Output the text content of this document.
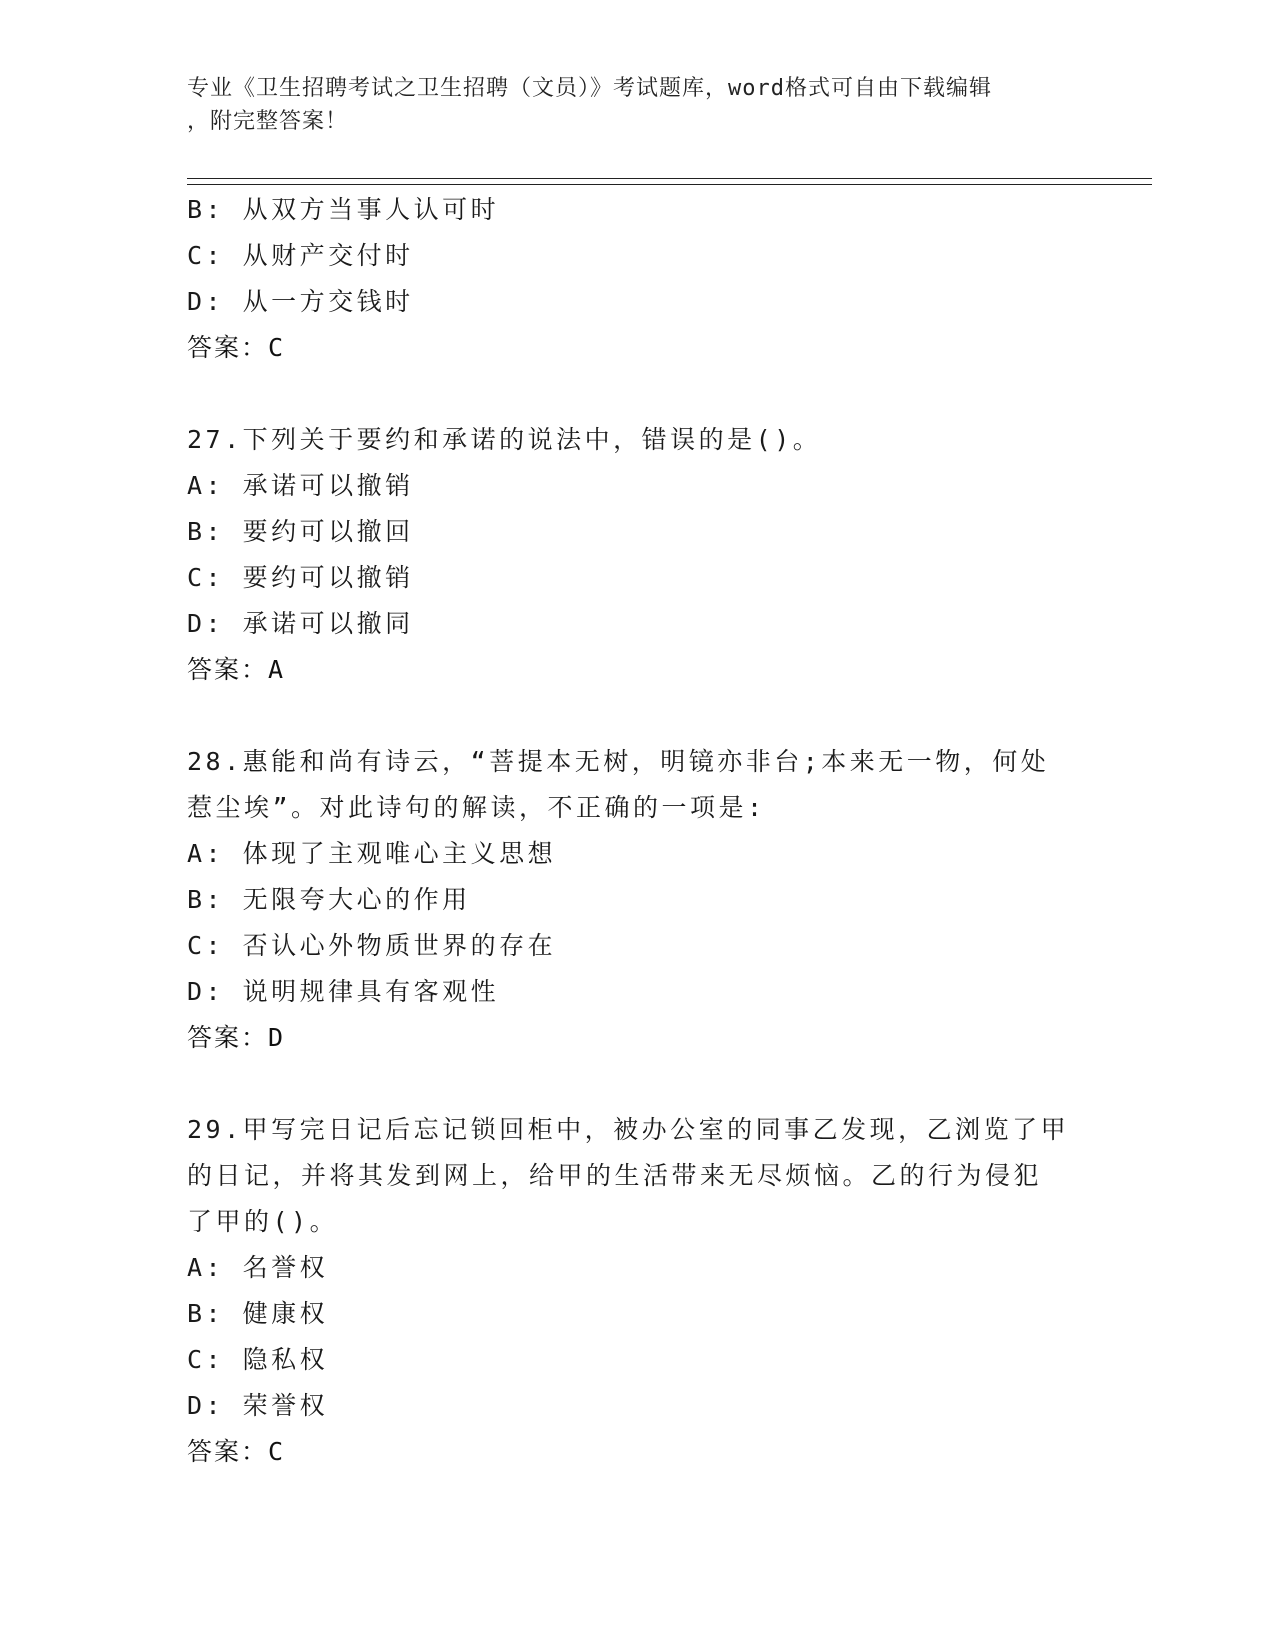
专业《卫生招聘考试之卫生招聘（文员）》考试题库，word格式可自由下载编辑
，附完整答案！
B: 从双方当事人认可时
C: 从财产交付时
D: 从一方交钱时
答案：C
27.下列关于要约和承诺的说法中，错误的是()。
A: 承诺可以撤销
B: 要约可以撤回
C: 要约可以撤销
D: 承诺可以撤同
答案：A
28.惠能和尚有诗云，“菩提本无树，明镜亦非台;本来无一物，何处
惹尘埃”。对此诗句的解读，不正确的一项是:
A: 体现了主观唯心主义思想
B: 无限夸大心的作用
C: 否认心外物质世界的存在
D: 说明规律具有客观性
答案：D
29.甲写完日记后忘记锁回柜中，被办公室的同事乙发现，乙浏览了甲
的日记，并将其发到网上，给甲的生活带来无尽烦恼。乙的行为侵犯
了甲的()。
A: 名誉权
B: 健康权
C: 隐私权
D: 荣誉权
答案：C
